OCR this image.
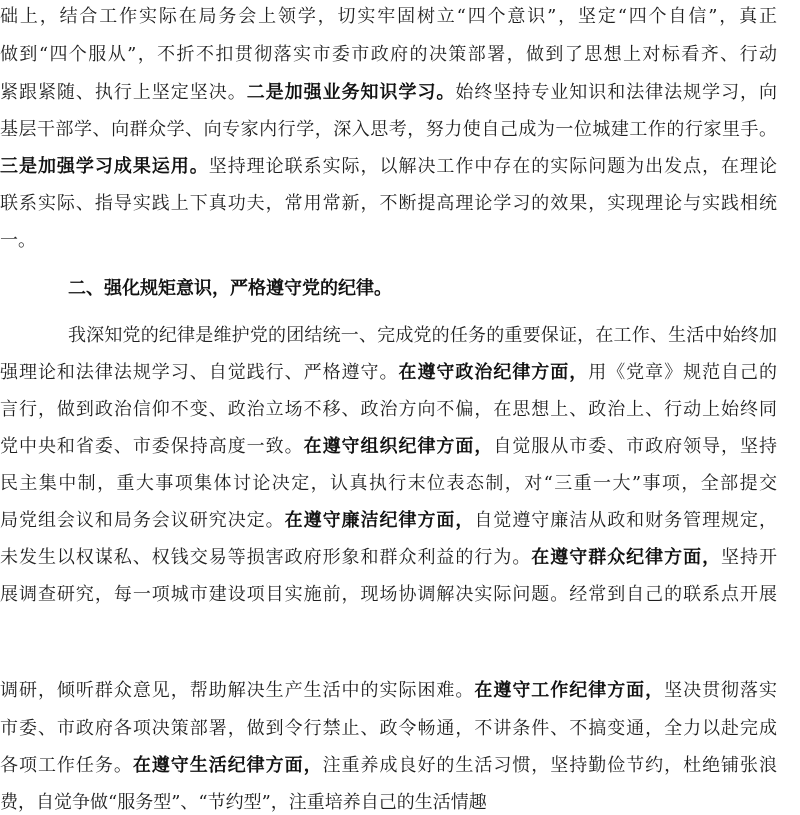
础上，结合工作实际在局务会上领学，切实牢固树立“四个意识”，坚定“四个自信”，真正
做到“四个服从”，不折不扣贯彻落实市委市政府的决策部署，做到了思想上对标看齐、行动
紧跟紧随、执行上坚定坚决。二是加强业务知识学习。始终坚持专业知识和法律法规学习，向
基层干部学、向群众学、向专家内行学，深入思考，努力使自己成为一位城建工作的行家里手。
三是加强学习成果运用。坚持理论联系实际，以解决工作中存在的实际问题为出发点，在理论
联系实际、指导实践上下真功夫，常用常新，不断提高理论学习的效果，实现理论与实践相统
一。
二、强化规矩意识，严格遵守党的纪律。
我深知党的纪律是维护党的团结统一、完成党的任务的重要保证，在工作、生活中始终加
强理论和法律法规学习、自觉践行、严格遵守。在遵守政治纪律方面，用《党章》规范自己的
言行，做到政治信仰不变、政治立场不移、政治方向不偏，在思想上、政治上、行动上始终同
党中央和省委、市委保持高度一致。在遵守组织纪律方面，自觉服从市委、市政府领导，坚持
民主集中制，重大事项集体讨论决定，认真执行末位表态制，对“三重一大”事项，全部提交
局党组会议和局务会议研究决定。在遵守廉洁纪律方面，自觉遵守廉洁从政和财务管理规定，
未发生以权谋私、权钱交易等损害政府形象和群众利益的行为。在遵守群众纪律方面，坚持开
展调查研究，每一项城市建设项目实施前，现场协调解决实际问题。经常到自己的联系点开展
调研，倾听群众意见，帮助解决生产生活中的实际困难。在遵守工作纪律方面，坚决贯彻落实
市委、市政府各项决策部署，做到令行禁止、政令畅通，不讲条件、不搞变通，全力以赴完成
各项工作任务。在遵守生活纪律方面，注重养成良好的生活习惯，坚持勤俭节约，杜绝铺张浪
费，自觉争做“服务型”、“节约型”，注重培养自己的生活情趣
